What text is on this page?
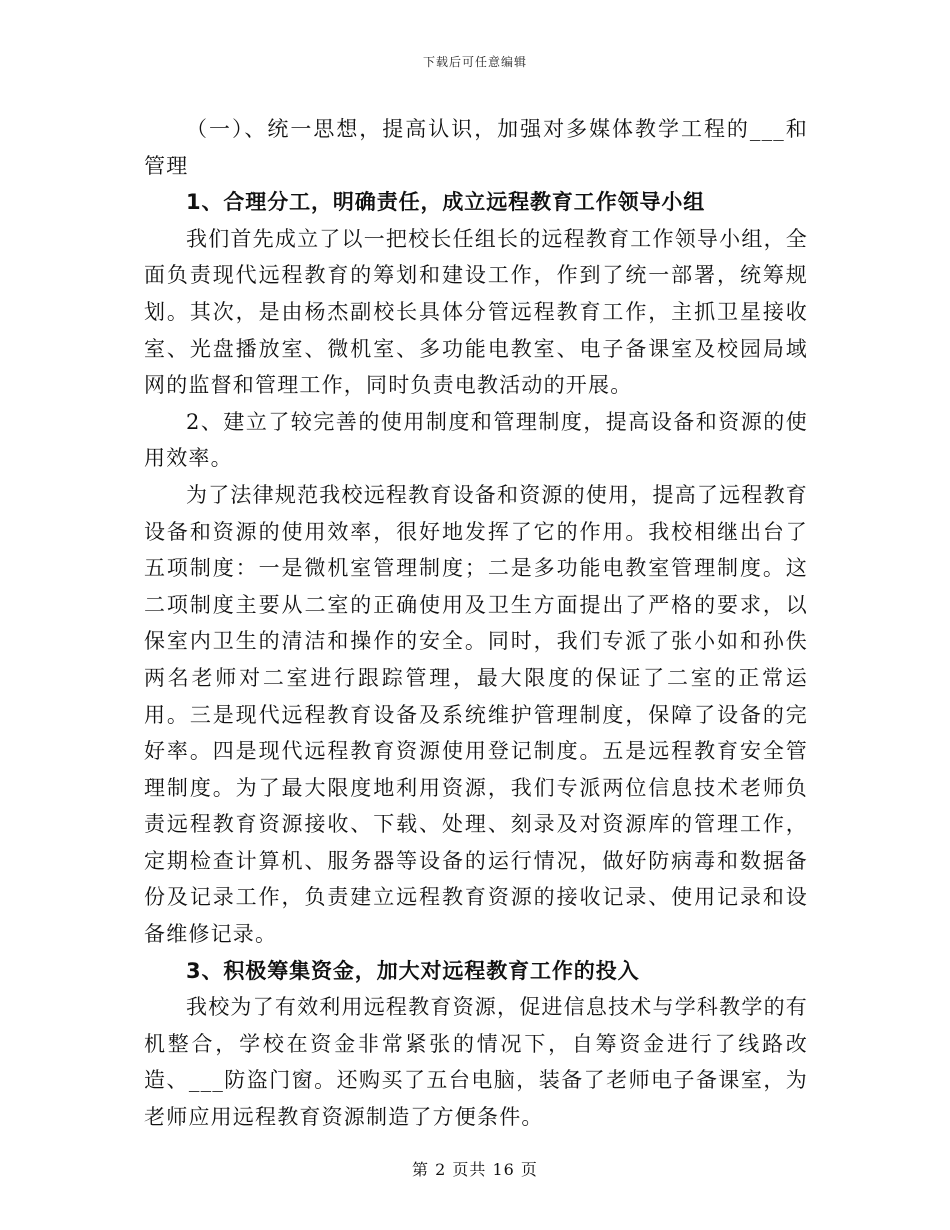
下载后可任意编辑

（一）、统一思想，提高认识，加强对多媒体教学工程的___和管理

1、合理分工，明确责任，成立远程教育工作领导小组

我们首先成立了以一把校长任组长的远程教育工作领导小组，全面负责现代远程教育的筹划和建设工作，作到了统一部署，统筹规划。其次，是由杨杰副校长具体分管远程教育工作，主抓卫星接收室、光盘播放室、微机室、多功能电教室、电子备课室及校园局域网的监督和管理工作，同时负责电教活动的开展。

2、建立了较完善的使用制度和管理制度，提高设备和资源的使用效率。

为了法律规范我校远程教育设备和资源的使用，提高了远程教育设备和资源的使用效率，很好地发挥了它的作用。我校相继出台了五项制度：一是微机室管理制度；二是多功能电教室管理制度。这二项制度主要从二室的正确使用及卫生方面提出了严格的要求，以保室内卫生的清洁和操作的安全。同时，我们专派了张小如和孙佚两名老师对二室进行跟踪管理，最大限度的保证了二室的正常运用。三是现代远程教育设备及系统维护管理制度，保障了设备的完好率。四是现代远程教育资源使用登记制度。五是远程教育安全管理制度。为了最大限度地利用资源，我们专派两位信息技术老师负责远程教育资源接收、下载、处理、刻录及对资源库的管理工作，定期检查计算机、服务器等设备的运行情况，做好防病毒和数据备份及记录工作，负责建立远程教育资源的接收记录、使用记录和设备维修记录。

3、积极筹集资金，加大对远程教育工作的投入

我校为了有效利用远程教育资源，促进信息技术与学科教学的有机整合，学校在资金非常紧张的情况下，自筹资金进行了线路改造、___防盗门窗。还购买了五台电脑，装备了老师电子备课室，为老师应用远程教育资源制造了方便条件。

第 2 页共 16 页
